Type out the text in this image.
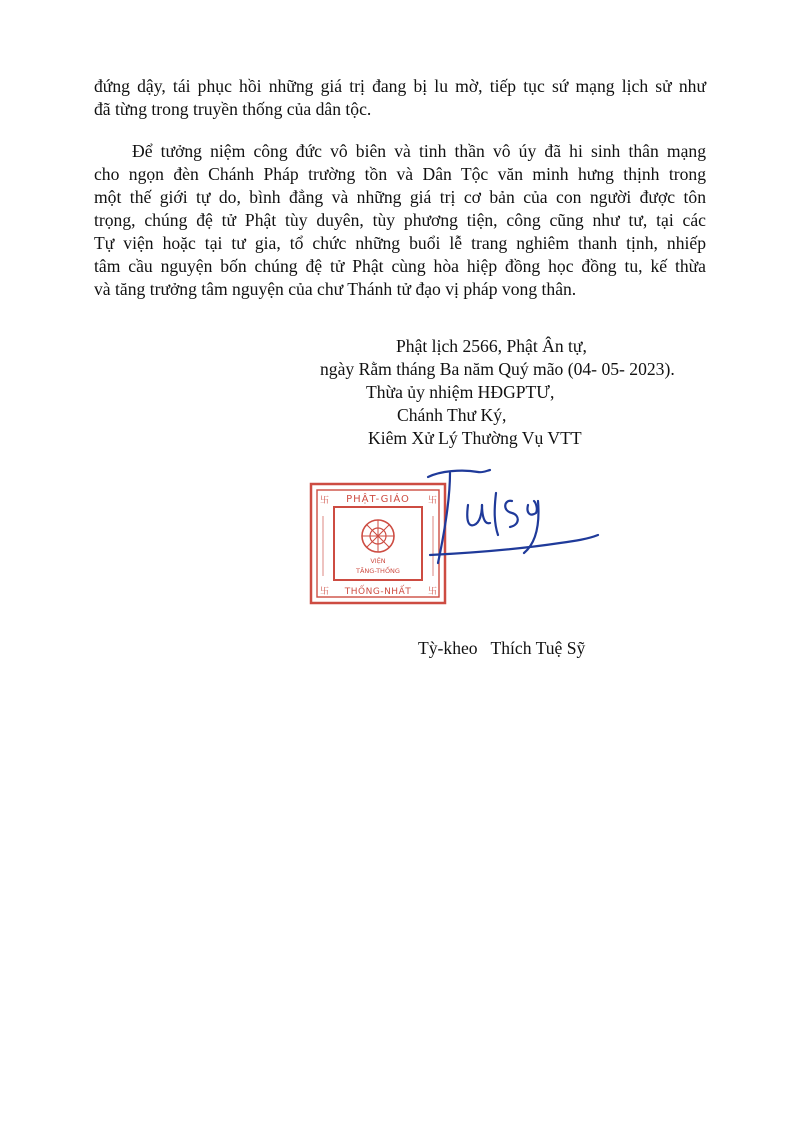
đứng dậy, tái phục hồi những giá trị đang bị lu mờ, tiếp tục sứ mạng lịch sử như
đã từng trong truyền thống của dân tộc.
Để tưởng niệm công đức vô biên và tinh thần vô úy đã hi sinh thân mạng
cho ngọn đèn Chánh Pháp trường tồn và Dân Tộc văn minh hưng thịnh trong
một thế giới tự do, bình đẳng và những giá trị cơ bản của con người được tôn
trọng, chúng đệ tử Phật tùy duyên, tùy phương tiện, công cũng như tư, tại các
Tự viện hoặc tại tư gia, tổ chức những buổi lễ trang nghiêm thanh tịnh, nhiếp
tâm cầu nguyện bốn chúng đệ tử Phật cùng hòa hiệp đồng học đồng tu, kế thừa
và tăng trưởng tâm nguyện của chư Thánh tử đạo vị pháp vong thân.
Phật lịch 2566, Phật Ân tự,
ngày Rằm tháng Ba năm Quý mão (04- 05- 2023).
Thừa ủy nhiệm HĐGPTƯ,
Chánh Thư Ký,
Kiêm Xử Lý Thường Vụ VTT
PHẬT-GIÁO
VIỆN
TĂNG-THỐNG
THỐNG-NHẤT
卐	卐
卐	卐
Tỳ-kheo   Thích Tuệ Sỹ
